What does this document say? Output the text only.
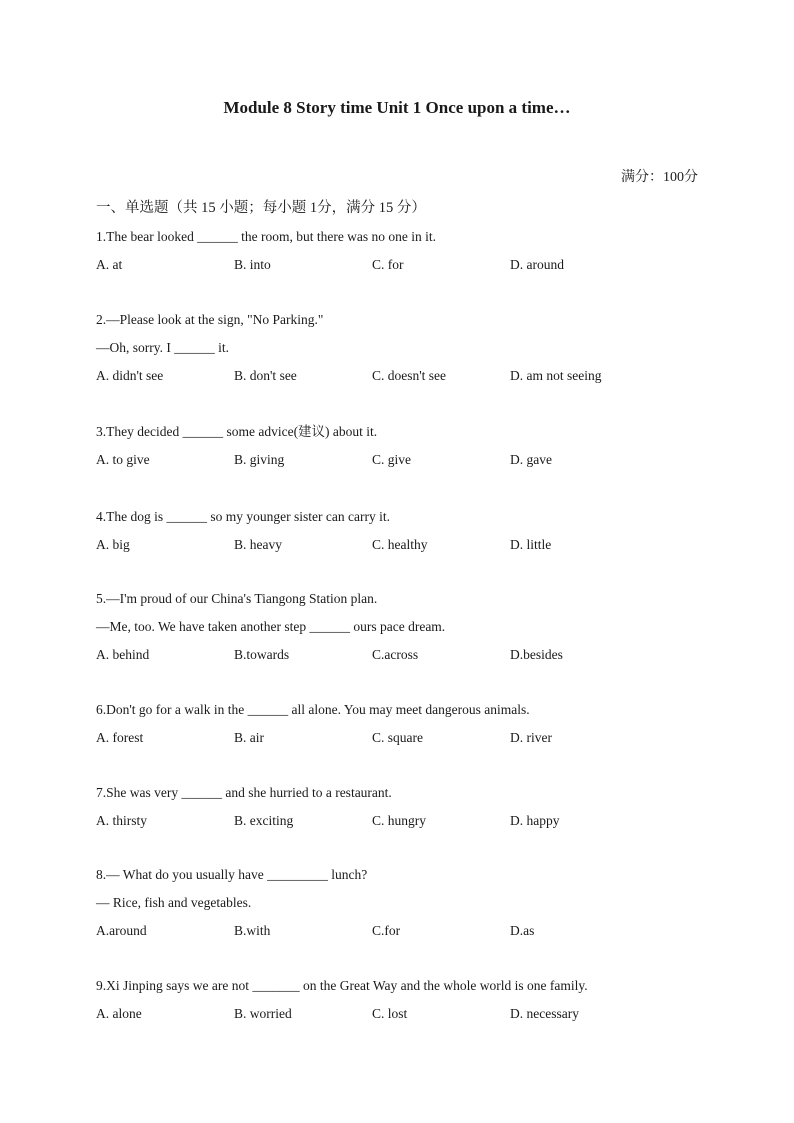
Module 8 Story time Unit 1 Once upon a time…
满分：100分
一、单选题（共 15 小题；每小题 1分，满分 15 分）
1.The bear looked ______ the room, but there was no one in it.
A. at	B. into	C. for	D. around
2.—Please look at the sign, "No Parking."
—Oh, sorry. I ______ it.
A. didn't see	B. don't see	C. doesn't see	D. am not seeing
3.They decided ______ some advice(建议) about it.
A. to give	B. giving	C. give	D. gave
4.The dog is ______ so my younger sister can carry it.
A. big	B. heavy	C. healthy	D. little
5.—I'm proud of our China's Tiangong Station plan.
—Me, too. We have taken another step ______ ours pace dream.
A. behind	B.towards	C.across	D.besides
6.Don't go for a walk in the ______ all alone. You may meet dangerous animals.
A. forest	B. air	C. square	D. river
7.She was very ______ and she hurried to a restaurant.
A. thirsty	B. exciting	C. hungry	D. happy
8.— What do you usually have _________ lunch?
— Rice, fish and vegetables.
A.around	B.with	C.for	D.as
9.Xi Jinping says we are not _______ on the Great Way and the whole world is one family.
A. alone	B. worried	C. lost	D. necessary
